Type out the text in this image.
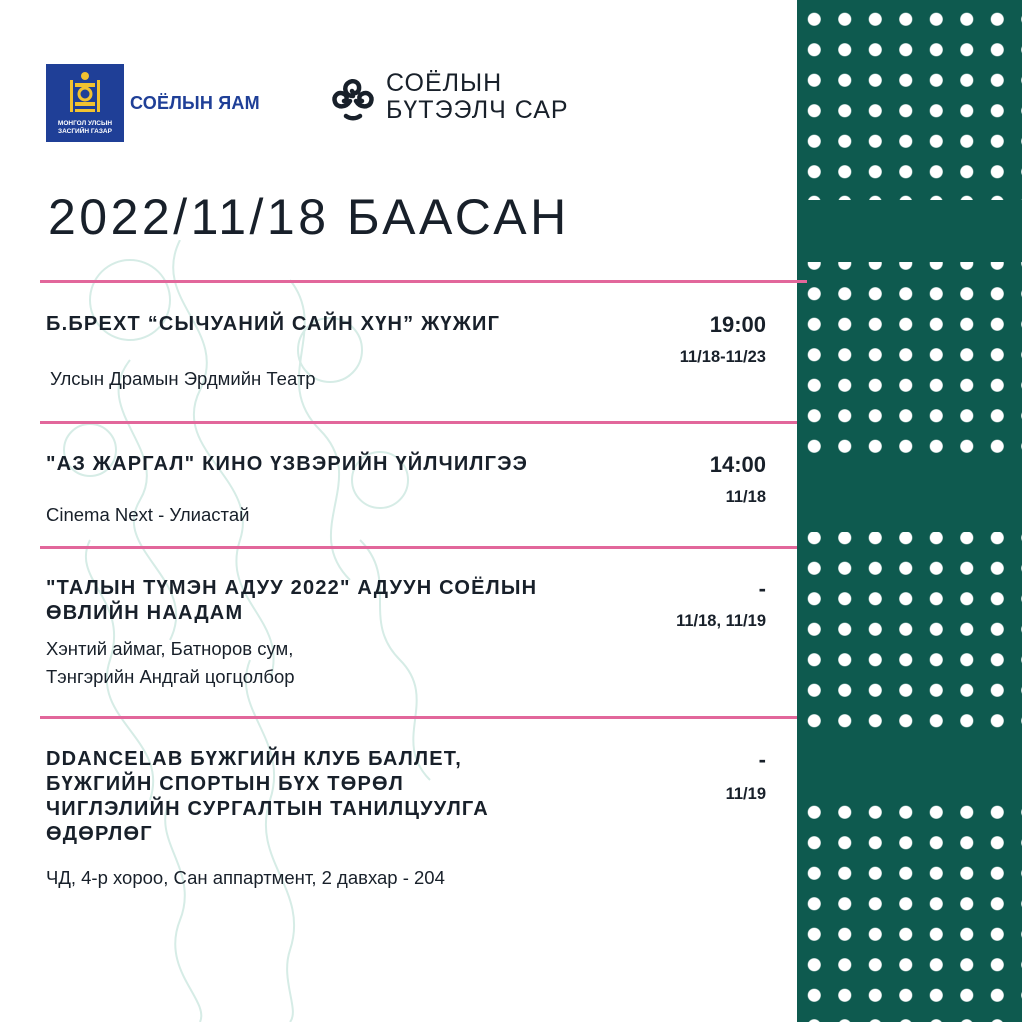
МОНГОЛ УЛСЫН ЗАСГИЙН ГАЗАР
СОЁЛЫН ЯАМ
СОЁЛЫН
БҮТЭЭЛЧ САР
2022/11/18 БААСАН
Б.БРЕХТ “СЫЧУАНИЙ САЙН ХҮН” ЖҮЖИГ
Улсын Драмын Эрдмийн Театр
19:00
11/18-11/23
"АЗ ЖАРГАЛ" КИНО ҮЗВЭРИЙН ҮЙЛЧИЛГЭЭ
Cinema Next - Улиастай
14:00
11/18
"ТАЛЫН ТҮМЭН АДУУ 2022" АДУУН СОЁЛЫН ӨВЛИЙН НААДАМ
Хэнтий аймаг, Батноров сум,
Тэнгэрийн Андгай цогцолбор
-
11/18, 11/19
DDANCELAB БҮЖГИЙН КЛУБ БАЛЛЕТ, БҮЖГИЙН СПОРТЫН БҮХ ТӨРӨЛ ЧИГЛЭЛИЙН СУРГАЛТЫН ТАНИЛЦУУЛГА ӨДӨРЛӨГ
ЧД, 4-р хороо, Сан аппартмент, 2 давхар - 204
-
11/19
